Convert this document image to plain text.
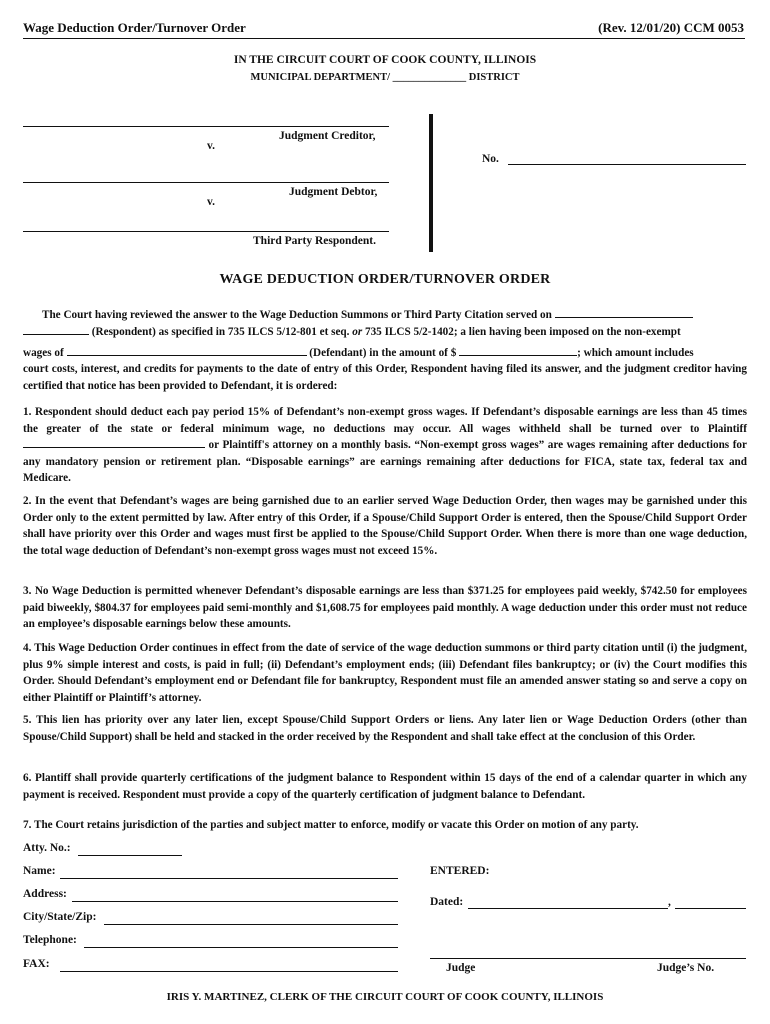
Wage Deduction Order/Turnover Order	(Rev. 12/01/20) CCM 0053
IN THE CIRCUIT COURT OF COOK COUNTY, ILLINOIS
MUNICIPAL DEPARTMENT/ ______________ DISTRICT
Judgment Creditor,
v.
Judgment Debtor,
v.
Third Party Respondent.
No.
WAGE DEDUCTION ORDER/TURNOVER ORDER
The Court having reviewed the answer to the Wage Deduction Summons or Third Party Citation served on
(Respondent) as specified in 735 ILCS 5/12-801 et seq. or 735 ILCS 5/2-1402; a lien having been imposed on the non-exempt
wages of	(Defendant) in the amount of $	; which amount includes
court costs, interest, and credits for payments to the date of entry of this Order, Respondent having filed its answer, and the judgment creditor having certified that notice has been provided to Defendant, it is ordered:
1. Respondent should deduct each pay period 15% of Defendant’s non-exempt gross wages. If Defendant’s disposable earnings are less than 45 times the greater of the state or federal minimum wage, no deductions may occur. All wages withheld shall be turned over to Plaintiff  or Plaintiff's attorney on a monthly basis. “Non-exempt gross wages” are wages remaining after deductions for any mandatory pension or retirement plan. “Disposable earnings” are earnings remaining after deductions for FICA, state tax, federal tax and Medicare.
2. In the event that Defendant’s wages are being garnished due to an earlier served Wage Deduction Order, then wages may be garnished under this Order only to the extent permitted by law. After entry of this Order, if a Spouse/Child Support Order is entered, then the Spouse/Child Support Order shall have priority over this Order and wages must first be applied to the Spouse/Child Support Order. When there is more than one wage deduction, the total wage deduction of Defendant’s non-exempt gross wages must not exceed 15%.
3. No Wage Deduction is permitted whenever Defendant’s disposable earnings are less than $371.25 for employees paid weekly, $742.50 for employees paid biweekly, $804.37 for employees paid semi-monthly and $1,608.75 for employees paid monthly. A wage deduction under this order must not reduce an employee’s disposable earnings below these amounts.
4. This Wage Deduction Order continues in effect from the date of service of the wage deduction summons or third party citation until (i) the judgment, plus 9% simple interest and costs, is paid in full; (ii) Defendant’s employment ends; (iii) Defendant files bankruptcy; or (iv) the Court modifies this Order. Should Defendant’s employment end or Defendant file for bankruptcy, Respondent must file an amended answer stating so and serve a copy on either Plaintiff or Plaintiff’s attorney.
5. This lien has priority over any later lien, except Spouse/Child Support Orders or liens. Any later lien or Wage Deduction Orders (other than Spouse/Child Support) shall be held and stacked in the order received by the Respondent and shall take effect at the conclusion of this Order.
6. Plantiff shall provide quarterly certifications of the judgment balance to Respondent within 15 days of the end of a calendar quarter in which any payment is received. Respondent must provide a copy of the quarterly certification of judgment balance to Defendant.
7. The Court retains jurisdiction of the parties and subject matter to enforce, modify or vacate this Order on motion of any party.
Atty. No.:
Name:
Address:
City/State/Zip:
Telephone:
FAX:
ENTERED:
Dated:	,
Judge	Judge’s No.
IRIS Y. MARTINEZ, CLERK OF THE CIRCUIT COURT OF COOK COUNTY, ILLINOIS
